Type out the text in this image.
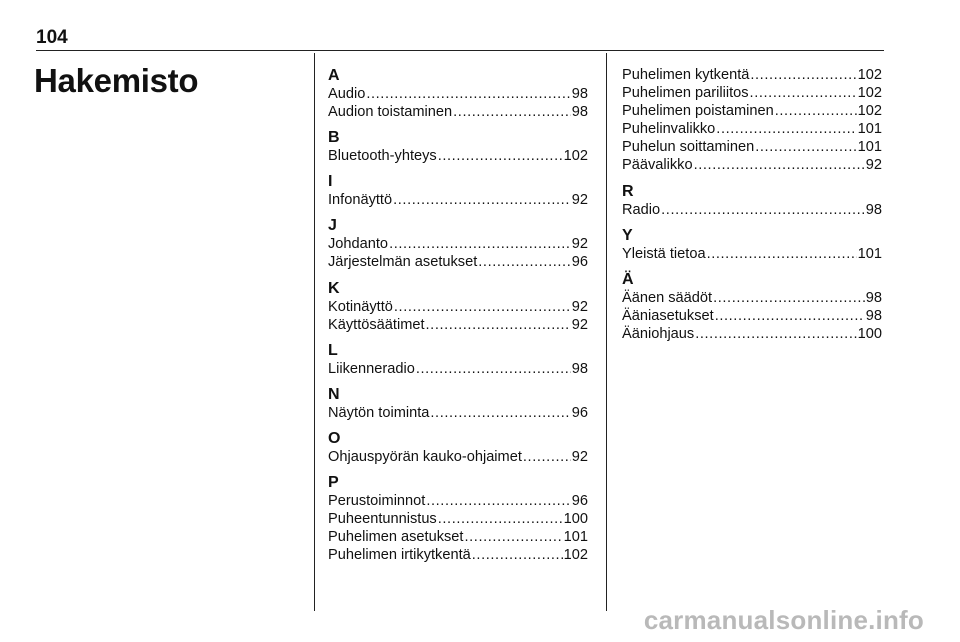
104
Hakemisto	A
Audio .....	98
Audion toistaminen .....	98
B
Bluetooth-yhteys .....	102
I
Infonäyttö .....	92
J
Johdanto .....	92
Järjestelmän asetukset .....	96
K
Kotinäyttö .....	92
Käyttösäätimet .....	92
L
Liikenneradio .....	98
N
Näytön toiminta .....	96
O
Ohjauspyörän kauko-ohjaimet .....	92
P
Perustoiminnot .....	96
Puheentunnistus .....	100
Puhelimen asetukset .....	101
Puhelimen irtikytkentä .....	102
Puhelimen kytkentä .....	102
Puhelimen pariliitos .....	102
Puhelimen poistaminen .....	102
Puhelinvalikko .....	101
Puhelun soittaminen .....	101
Päävalikko .....	92
R
Radio .....	98
Y
Yleistä tietoa .....	101
Ä
Äänen säädöt .....	98
Ääniasetukset .....	98
Ääniohjaus .....	100
carmanualsonline.info
